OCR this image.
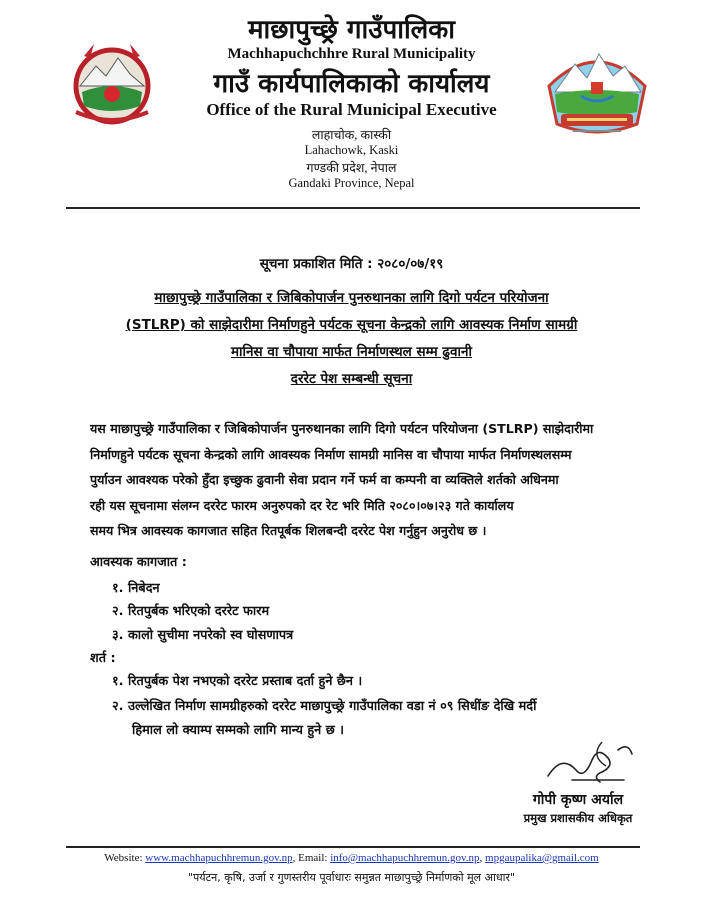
माछापुच्छ्रे गाउँपालिका
Machhapuchchhre Rural Municipality
गाउँ कार्यपालिकाको कार्यालय
Office of the Rural Municipal Executive
लाहाचोक, कास्की
Lahachowk, Kaski
गण्डकी प्रदेश, नेपाल
Gandaki Province, Nepal
सूचना प्रकाशित मिति : २०८०/०७/१९
माछापुच्छ्रे गाउँपालिका र जिबिकोपार्जन पुनरुथानका लागि दिगो पर्यटन परियोजना
(STLRP) को साझेदारीमा निर्माणहुने पर्यटक सूचना केन्द्रको लागि आवस्यक निर्माण सामग्री
मानिस वा चौपाया मार्फत निर्माणस्थल सम्म ढुवानी
दररेट पेश सम्बन्धी सूचना
यस माछापुच्छ्रे गाउँपालिका र जिबिकोपार्जन पुनरुथानका लागि दिगो पर्यटन परियोजना (STLRP) साझेदारीमा
निर्माणहुने पर्यटक सूचना केन्द्रको लागि आवस्यक निर्माण सामग्री मानिस वा चौपाया मार्फत निर्माणस्थलसम्म
पुर्याउन आवश्यक परेको हुँदा इच्छुक ढुवानी सेवा प्रदान गर्ने फर्म वा कम्पनी वा व्यक्तिले शर्तको अधिनमा
रही यस सूचनामा संलग्न दररेट फारम अनुरुपको दर रेट भरि मिति २०८०।०७।२३ गते कार्यालय
समय भित्र आवस्यक कागजात सहित रितपूर्बक शिलबन्दी दररेट पेश गर्नुहुन अनुरोध छ ।
आवस्यक कागजात :
१. निबेदन
२. रितपुर्बक भरिएको दररेट फारम
३. कालो सुचीमा नपरेको स्व घोसणापत्र
शर्त :
१. रितपुर्बक पेश नभएको दररेट प्रस्ताब दर्ता हुने छैन ।
२. उल्लेखित निर्माण सामग्रीहरुको दररेट माछापुच्छ्रे गाउँपालिका वडा नं ०९ सिधींङ देखि मर्दी
हिमाल लो क्याम्प सम्मको लागि मान्य हुने छ ।
गोपी कृष्ण अर्याल
प्रमुख प्रशासकीय अधिकृत
Website: www.machhapuchhremun.gov.np, Email: info@machhapuchhremun.gov.np, mpgaupalika@gmail.com
"पर्यटन, कृषि, उर्जा र गुणस्तरीय पूर्वाधारः समुन्नत माछापुच्छ्रे निर्माणको मूल आधार"
